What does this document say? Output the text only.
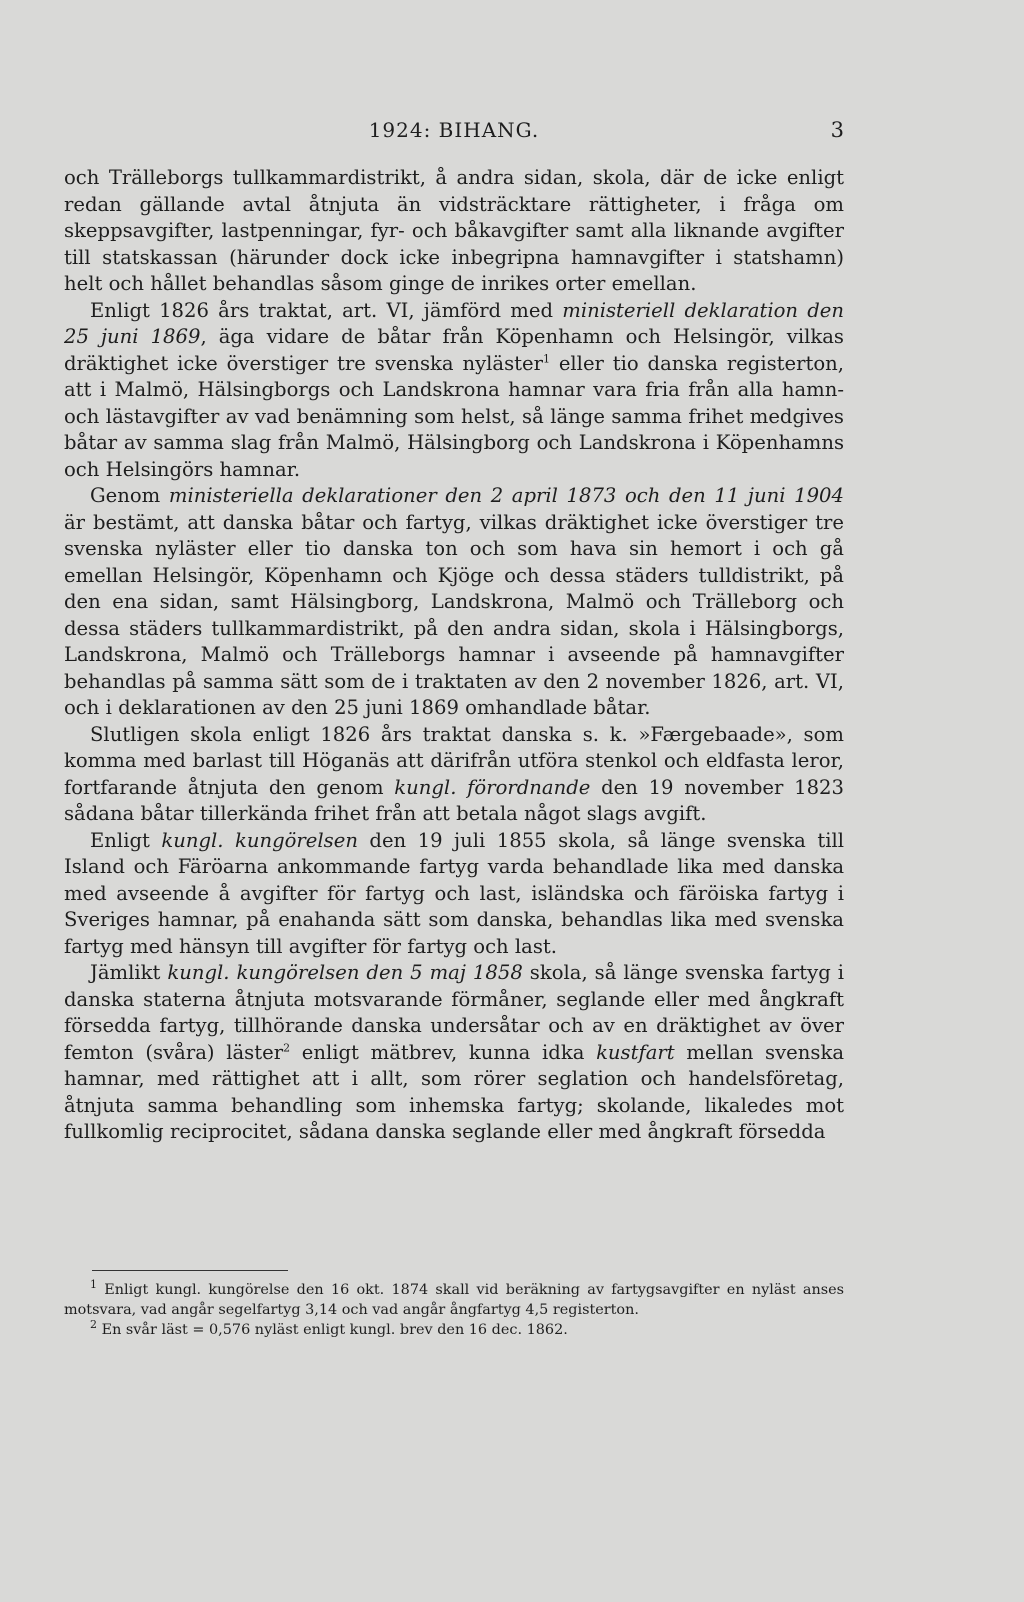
1924: BIHANG.	3

och Trälleborgs tullkammardistrikt, å andra sidan, skola, där de icke enligt redan gällande avtal åtnjuta än vidsträcktare rättigheter, i fråga om skeppsavgifter, lastpenningar, fyr- och båkavgifter samt alla liknande avgifter till statskassan (härunder dock icke inbegripna hamnavgifter i statshamn) helt och hållet behandlas såsom ginge de inrikes orter emellan.

Enligt 1826 års traktat, art. VI, jämförd med ministeriell deklaration den 25 juni 1869, äga vidare de båtar från Köpenhamn och Helsingör, vilkas dräktighet icke överstiger tre svenska nyläster$^1$ eller tio danska registerton, att i Malmö, Hälsingborgs och Landskrona hamnar vara fria från alla hamn- och lästavgifter av vad benämning som helst, så länge samma frihet medgives båtar av samma slag från Malmö, Hälsingborg och Landskrona i Köpenhamns och Helsingörs hamnar.

Genom ministeriella deklarationer den 2 april 1873 och den 11 juni 1904 är bestämt, att danska båtar och fartyg, vilkas dräktighet icke överstiger tre svenska nyläster eller tio danska ton och som hava sin hemort i och gå emellan Helsingör, Köpenhamn och Kjöge och dessa städers tulldistrikt, på den ena sidan, samt Hälsingborg, Landskrona, Malmö och Trälleborg och dessa städers tullkammardistrikt, på den andra sidan, skola i Hälsingborgs, Landskrona, Malmö och Trälleborgs hamnar i avseende på hamnavgifter behandlas på samma sätt som de i traktaten av den 2 november 1826, art. VI, och i deklarationen av den 25 juni 1869 omhandlade båtar.

Slutligen skola enligt 1826 års traktat danska s. k. »Færgebaade», som komma med barlast till Höganäs att därifrån utföra stenkol och eldfasta leror, fortfarande åtnjuta den genom kungl. förordnande den 19 november 1823 sådana båtar tillerkända frihet från att betala något slags avgift.

Enligt kungl. kungörelsen den 19 juli 1855 skola, så länge svenska till Island och Färöarna ankommande fartyg varda behandlade lika med danska med avseende å avgifter för fartyg och last, isländska och färöiska fartyg i Sveriges hamnar, på enahanda sätt som danska, behandlas lika med svenska fartyg med hänsyn till avgifter för fartyg och last.

Jämlikt kungl. kungörelsen den 5 maj 1858 skola, så länge svenska fartyg i danska staterna åtnjuta motsvarande förmåner, seglande eller med ångkraft försedda fartyg, tillhörande danska undersåtar och av en dräktighet av över femton (svåra) läster$^2$ enligt mätbrev, kunna idka kustfart mellan svenska hamnar, med rättighet att i allt, som rörer seglation och handelsföretag, åtnjuta samma behandling som inhemska fartyg; skolande, likaledes mot fullkomlig reciprocitet, sådana danska seglande eller med ångkraft försedda

$^1$ Enligt kungl. kungörelse den 16 okt. 1874 skall vid beräkning av fartygsavgifter en nyläst anses motsvara, vad angår segelfartyg 3,14 och vad angår ångfartyg 4,5 registerton.

$^2$ En svår läst = 0,576 nyläst enligt kungl. brev den 16 dec. 1862.
